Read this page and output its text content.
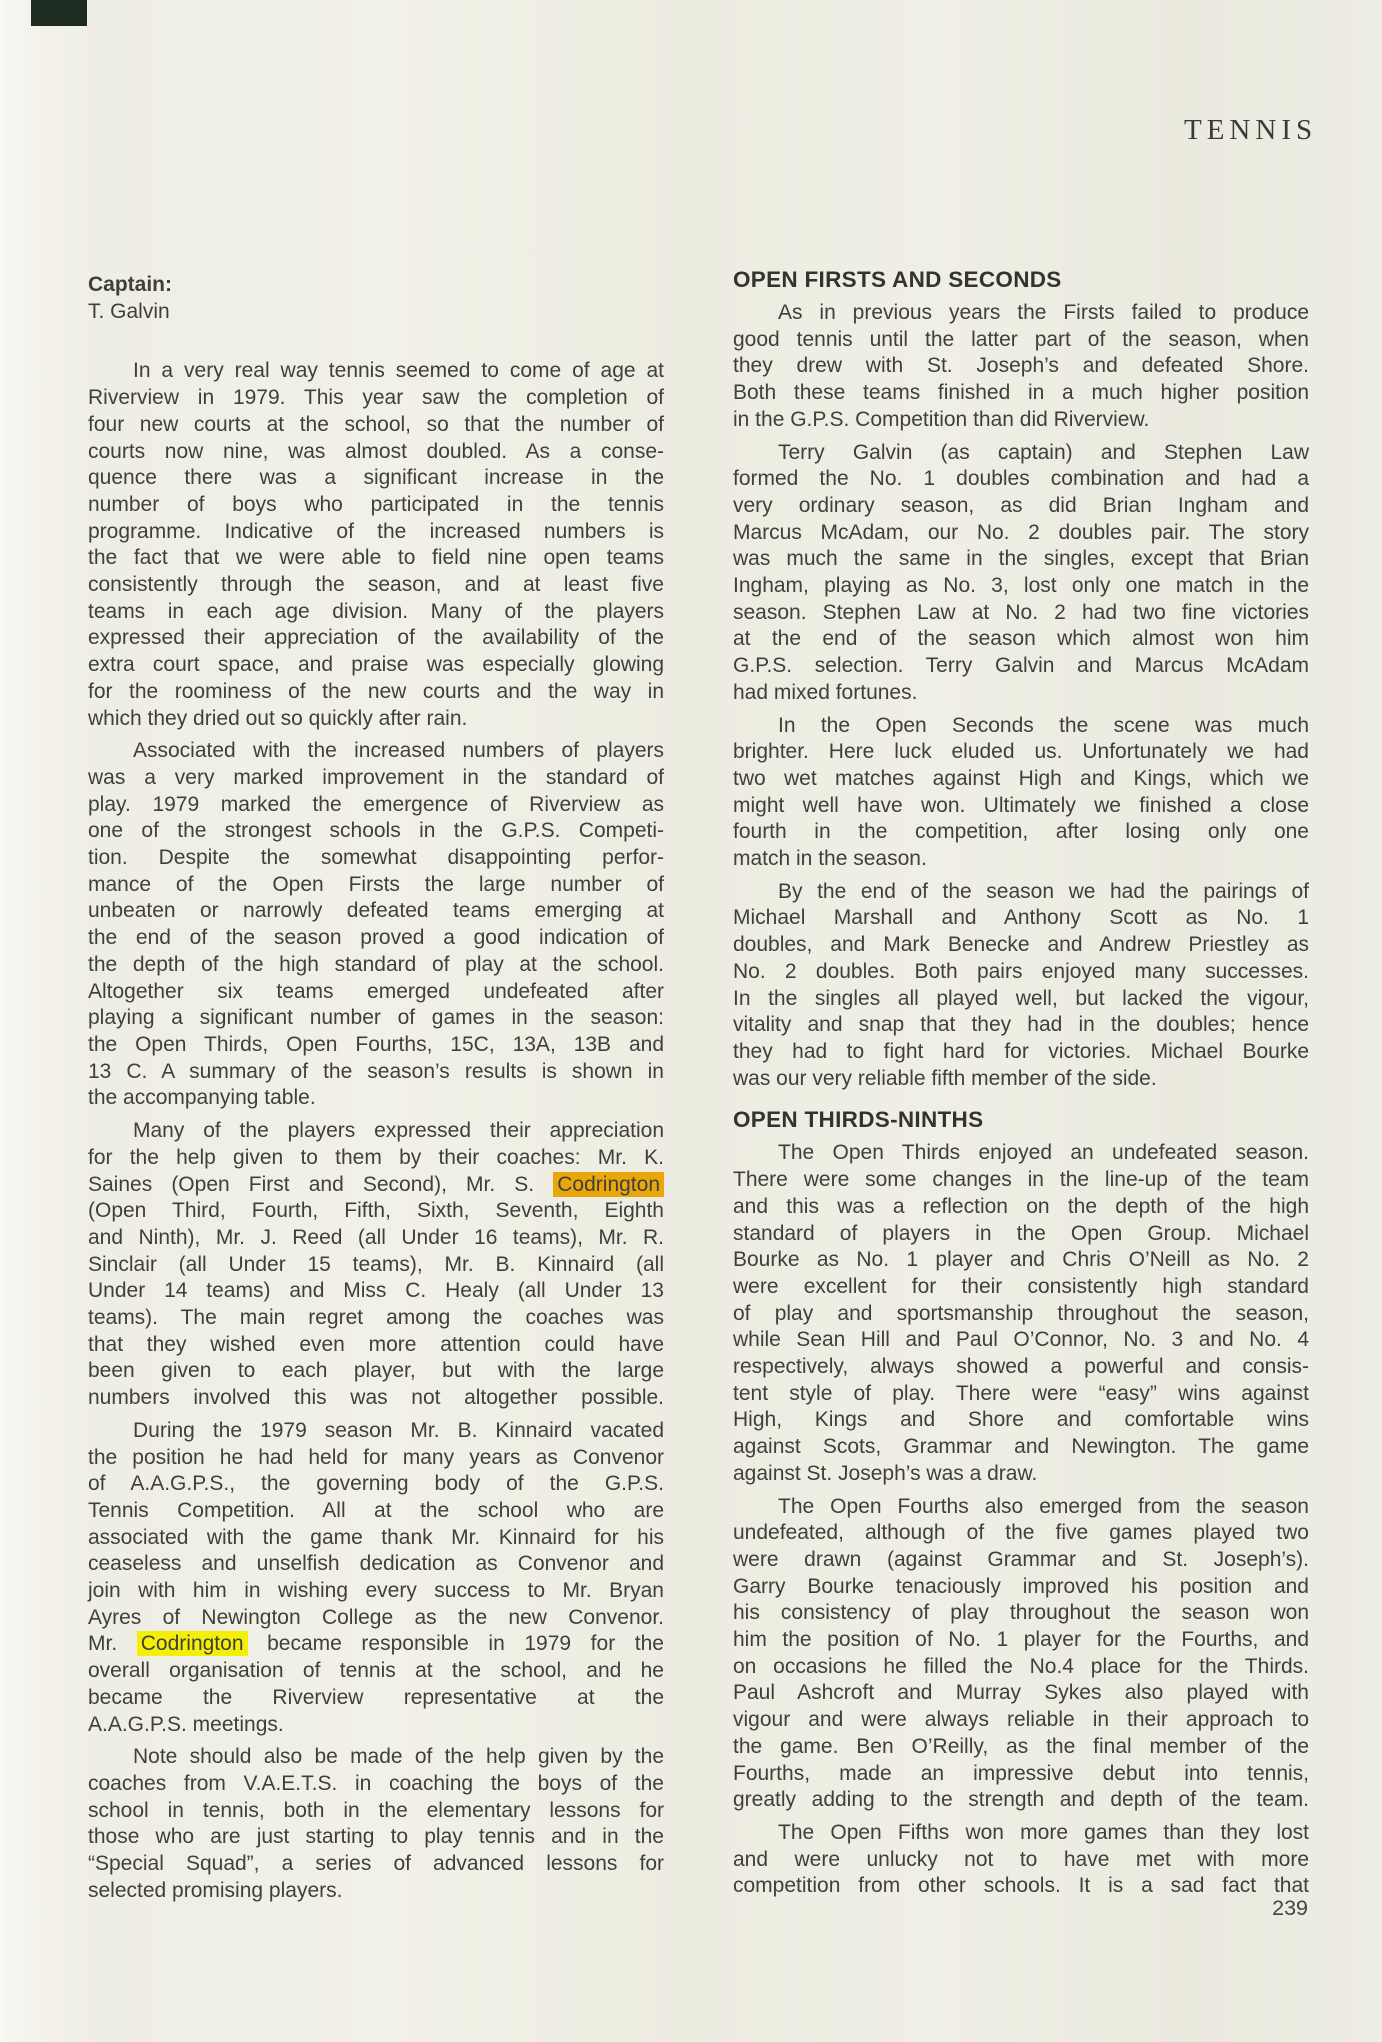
TENNIS
Captain:
T. Galvin
In a very real way tennis seemed to come of age at
Riverview in 1979. This year saw the completion of
four new courts at the school, so that the number of
courts now nine, was almost doubled. As a conse-
quence there was a significant increase in the
number of boys who participated in the tennis
programme. Indicative of the increased numbers is
the fact that we were able to field nine open teams
consistently through the season, and at least five
teams in each age division. Many of the players
expressed their appreciation of the availability of the
extra court space, and praise was especially glowing
for the roominess of the new courts and the way in
which they dried out so quickly after rain.
Associated with the increased numbers of players
was a very marked improvement in the standard of
play. 1979 marked the emergence of Riverview as
one of the strongest schools in the G.P.S. Competi-
tion. Despite the somewhat disappointing perfor-
mance of the Open Firsts the large number of
unbeaten or narrowly defeated teams emerging at
the end of the season proved a good indication of
the depth of the high standard of play at the school.
Altogether six teams emerged undefeated after
playing a significant number of games in the season:
the Open Thirds, Open Fourths, 15C, 13A, 13B and
13 C. A summary of the season’s results is shown in
the accompanying table.
Many of the players expressed their appreciation
for the help given to them by their coaches: Mr. K.
Saines (Open First and Second), Mr. S. Codrington
(Open Third, Fourth, Fifth, Sixth, Seventh, Eighth
and Ninth), Mr. J. Reed (all Under 16 teams), Mr. R.
Sinclair (all Under 15 teams), Mr. B. Kinnaird (all
Under 14 teams) and Miss C. Healy (all Under 13
teams). The main regret among the coaches was
that they wished even more attention could have
been given to each player, but with the large
numbers involved this was not altogether possible.
During the 1979 season Mr. B. Kinnaird vacated
the position he had held for many years as Convenor
of A.A.G.P.S., the governing body of the G.P.S.
Tennis Competition. All at the school who are
associated with the game thank Mr. Kinnaird for his
ceaseless and unselfish dedication as Convenor and
join with him in wishing every success to Mr. Bryan
Ayres of Newington College as the new Convenor.
Mr. Codrington became responsible in 1979 for the
overall organisation of tennis at the school, and he
became the Riverview representative at the
A.A.G.P.S. meetings.
Note should also be made of the help given by the
coaches from V.A.E.T.S. in coaching the boys of the
school in tennis, both in the elementary lessons for
those who are just starting to play tennis and in the
“Special Squad”, a series of advanced lessons for
selected promising players.
OPEN FIRSTS AND SECONDS
As in previous years the Firsts failed to produce
good tennis until the latter part of the season, when
they drew with St. Joseph’s and defeated Shore.
Both these teams finished in a much higher position
in the G.P.S. Competition than did Riverview.
Terry Galvin (as captain) and Stephen Law
formed the No. 1 doubles combination and had a
very ordinary season, as did Brian Ingham and
Marcus McAdam, our No. 2 doubles pair. The story
was much the same in the singles, except that Brian
Ingham, playing as No. 3, lost only one match in the
season. Stephen Law at No. 2 had two fine victories
at the end of the season which almost won him
G.P.S. selection. Terry Galvin and Marcus McAdam
had mixed fortunes.
In the Open Seconds the scene was much
brighter. Here luck eluded us. Unfortunately we had
two wet matches against High and Kings, which we
might well have won. Ultimately we finished a close
fourth in the competition, after losing only one
match in the season.
By the end of the season we had the pairings of
Michael Marshall and Anthony Scott as No. 1
doubles, and Mark Benecke and Andrew Priestley as
No. 2 doubles. Both pairs enjoyed many successes.
In the singles all played well, but lacked the vigour,
vitality and snap that they had in the doubles; hence
they had to fight hard for victories. Michael Bourke
was our very reliable fifth member of the side.
OPEN THIRDS-NINTHS
The Open Thirds enjoyed an undefeated season.
There were some changes in the line-up of the team
and this was a reflection on the depth of the high
standard of players in the Open Group. Michael
Bourke as No. 1 player and Chris O’Neill as No. 2
were excellent for their consistently high standard
of play and sportsmanship throughout the season,
while Sean Hill and Paul O’Connor, No. 3 and No. 4
respectively, always showed a powerful and consis-
tent style of play. There were “easy” wins against
High, Kings and Shore and comfortable wins
against Scots, Grammar and Newington. The game
against St. Joseph’s was a draw.
The Open Fourths also emerged from the season
undefeated, although of the five games played two
were drawn (against Grammar and St. Joseph’s).
Garry Bourke tenaciously improved his position and
his consistency of play throughout the season won
him the position of No. 1 player for the Fourths, and
on occasions he filled the No.4 place for the Thirds.
Paul Ashcroft and Murray Sykes also played with
vigour and were always reliable in their approach to
the game. Ben O’Reilly, as the final member of the
Fourths, made an impressive debut into tennis,
greatly adding to the strength and depth of the team.
The Open Fifths won more games than they lost
and were unlucky not to have met with more
competition from other schools. It is a sad fact that
239
